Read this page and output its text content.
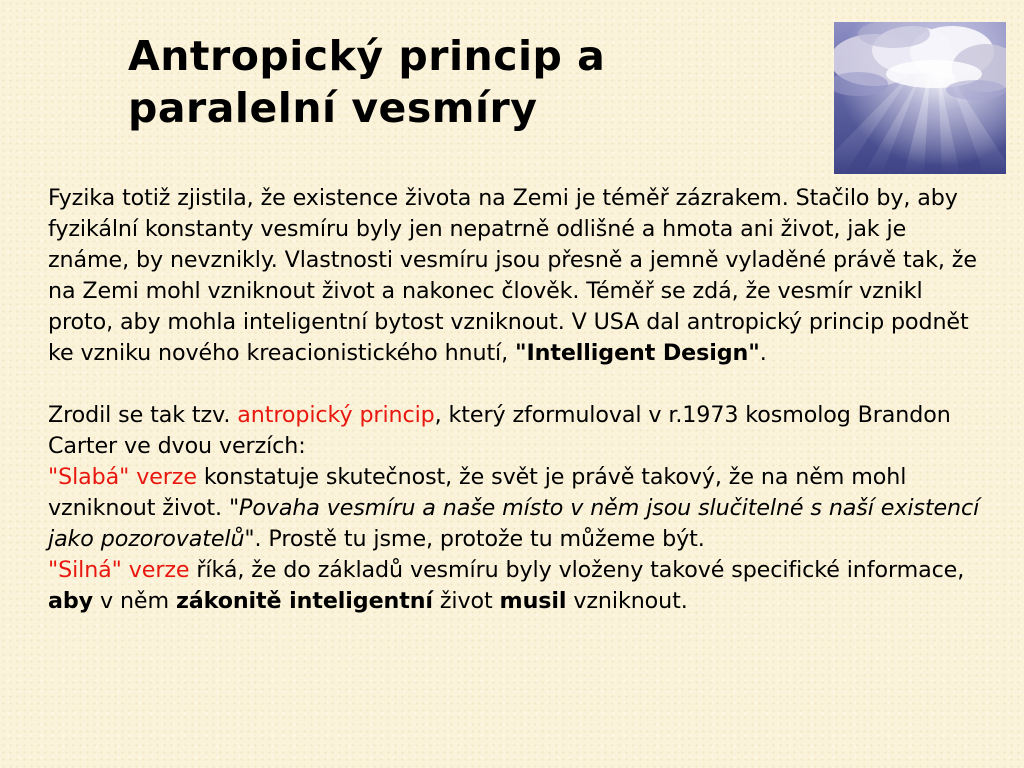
Antropický princip a
paralelní vesmíry

Fyzika totiž zjistila, že existence života na Zemi je téměř zázrakem. Stačilo by, aby fyzikální konstanty vesmíru byly jen nepatrně odlišné a hmota ani život, jak je známe, by nevznikly. Vlastnosti vesmíru jsou přesně a jemně vyladěné právě tak, že na Zemi mohl vzniknout život a nakonec člověk. Téměř se zdá, že vesmír vznikl proto, aby mohla inteligentní bytost vzniknout. V USA dal antropický princip podnět ke vzniku nového kreacionistického hnutí, "Intelligent Design".

Zrodil se tak tzv. antropický princip, který zformuloval v r.1973 kosmolog Brandon Carter ve dvou verzích:

"Slabá" verze konstatuje skutečnost, že svět je právě takový, že na něm mohl vzniknout život. "Povaha vesmíru a naše místo v něm jsou slučitelné s naší existencí jako pozorovatelů". Prostě tu jsme, protože tu můžeme být.

"Silná" verze říká, že do základů vesmíru byly vloženy takové specifické informace, aby v něm zákonitě inteligentní život musil vzniknout.
